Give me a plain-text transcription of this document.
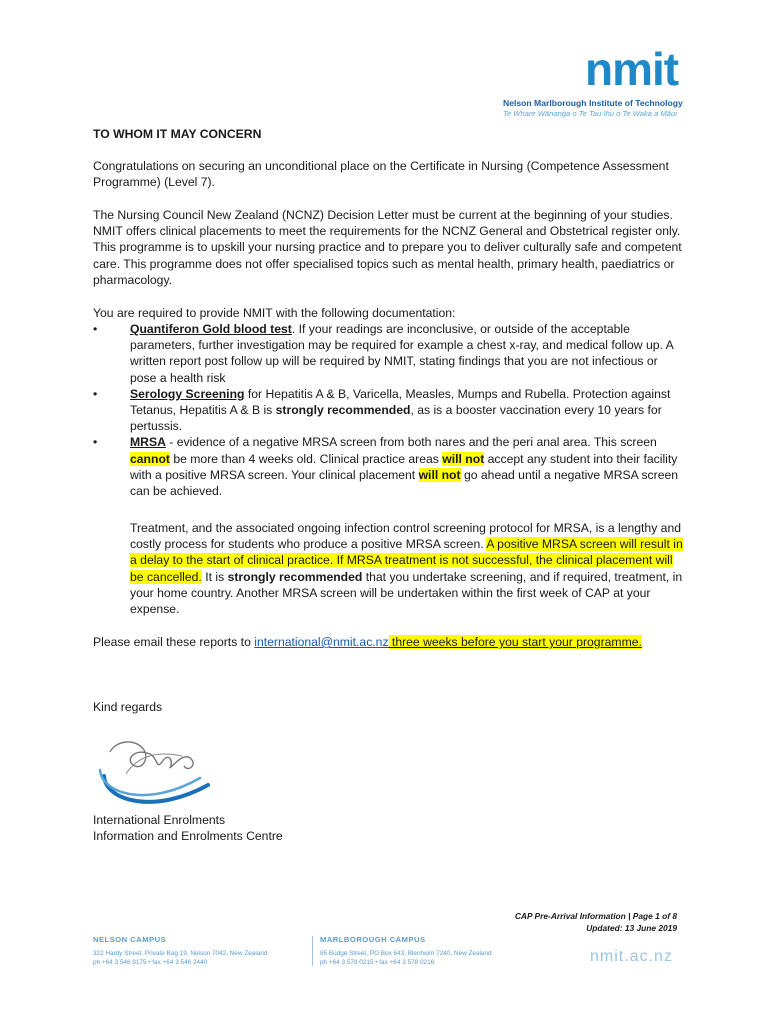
nmit
Nelson Marlborough Institute of Technology
Te Whare Wānanga o Te Tau Ihu o Te Waka a Māui
TO WHOM IT MAY CONCERN

Congratulations on securing an unconditional place on the Certificate in Nursing (Competence Assessment Programme) (Level 7).

The Nursing Council New Zealand (NCNZ) Decision Letter must be current at the beginning of your studies. NMIT offers clinical placements to meet the requirements for the NCNZ General and Obstetrical register only. This programme is to upskill your nursing practice and to prepare you to deliver culturally safe and competent care. This programme does not offer specialised topics such as mental health, primary health, paediatrics or pharmacology.

You are required to provide NMIT with the following documentation:

•	Quantiferon Gold blood test. If your readings are inconclusive, or outside of the acceptable parameters, further investigation may be required for example a chest x-ray, and medical follow up. A written report post follow up will be required by NMIT, stating findings that you are not infectious or pose a health risk
•	Serology Screening for Hepatitis A & B, Varicella, Measles, Mumps and Rubella. Protection against Tetanus, Hepatitis A & B is strongly recommended, as is a booster vaccination every 10 years for pertussis.
•	MRSA - evidence of a negative MRSA screen from both nares and the peri anal area. This screen cannot be more than 4 weeks old. Clinical practice areas will not accept any student into their facility with a positive MRSA screen. Your clinical placement will not go ahead until a negative MRSA screen can be achieved.

Treatment, and the associated ongoing infection control screening protocol for MRSA, is a lengthy and costly process for students who produce a positive MRSA screen. A positive MRSA screen will result in a delay to the start of clinical practice. If MRSA treatment is not successful, the clinical placement will be cancelled. It is strongly recommended that you undertake screening, and if required, treatment, in your home country. Another MRSA screen will be undertaken within the first week of CAP at your expense.

Please email these reports to international@nmit.ac.nz three weeks before you start your programme.

Kind regards

International Enrolments

Information and Enrolments Centre

CAP Pre-Arrival Information | Page 1 of 8
Updated: 13 June 2019
NELSON CAMPUS
322 Hardy Street, Private Bag 19, Nelson 7042, New Zealand
ph +64 3 546 9175 • fax +64 3 546 2440
MARLBOROUGH CAMPUS
85 Budge Street, PO Box 643, Blenheim 7240, New Zealand
ph +64 3 578 0215 • fax +64 3 578 0216	nmit.ac.nz
